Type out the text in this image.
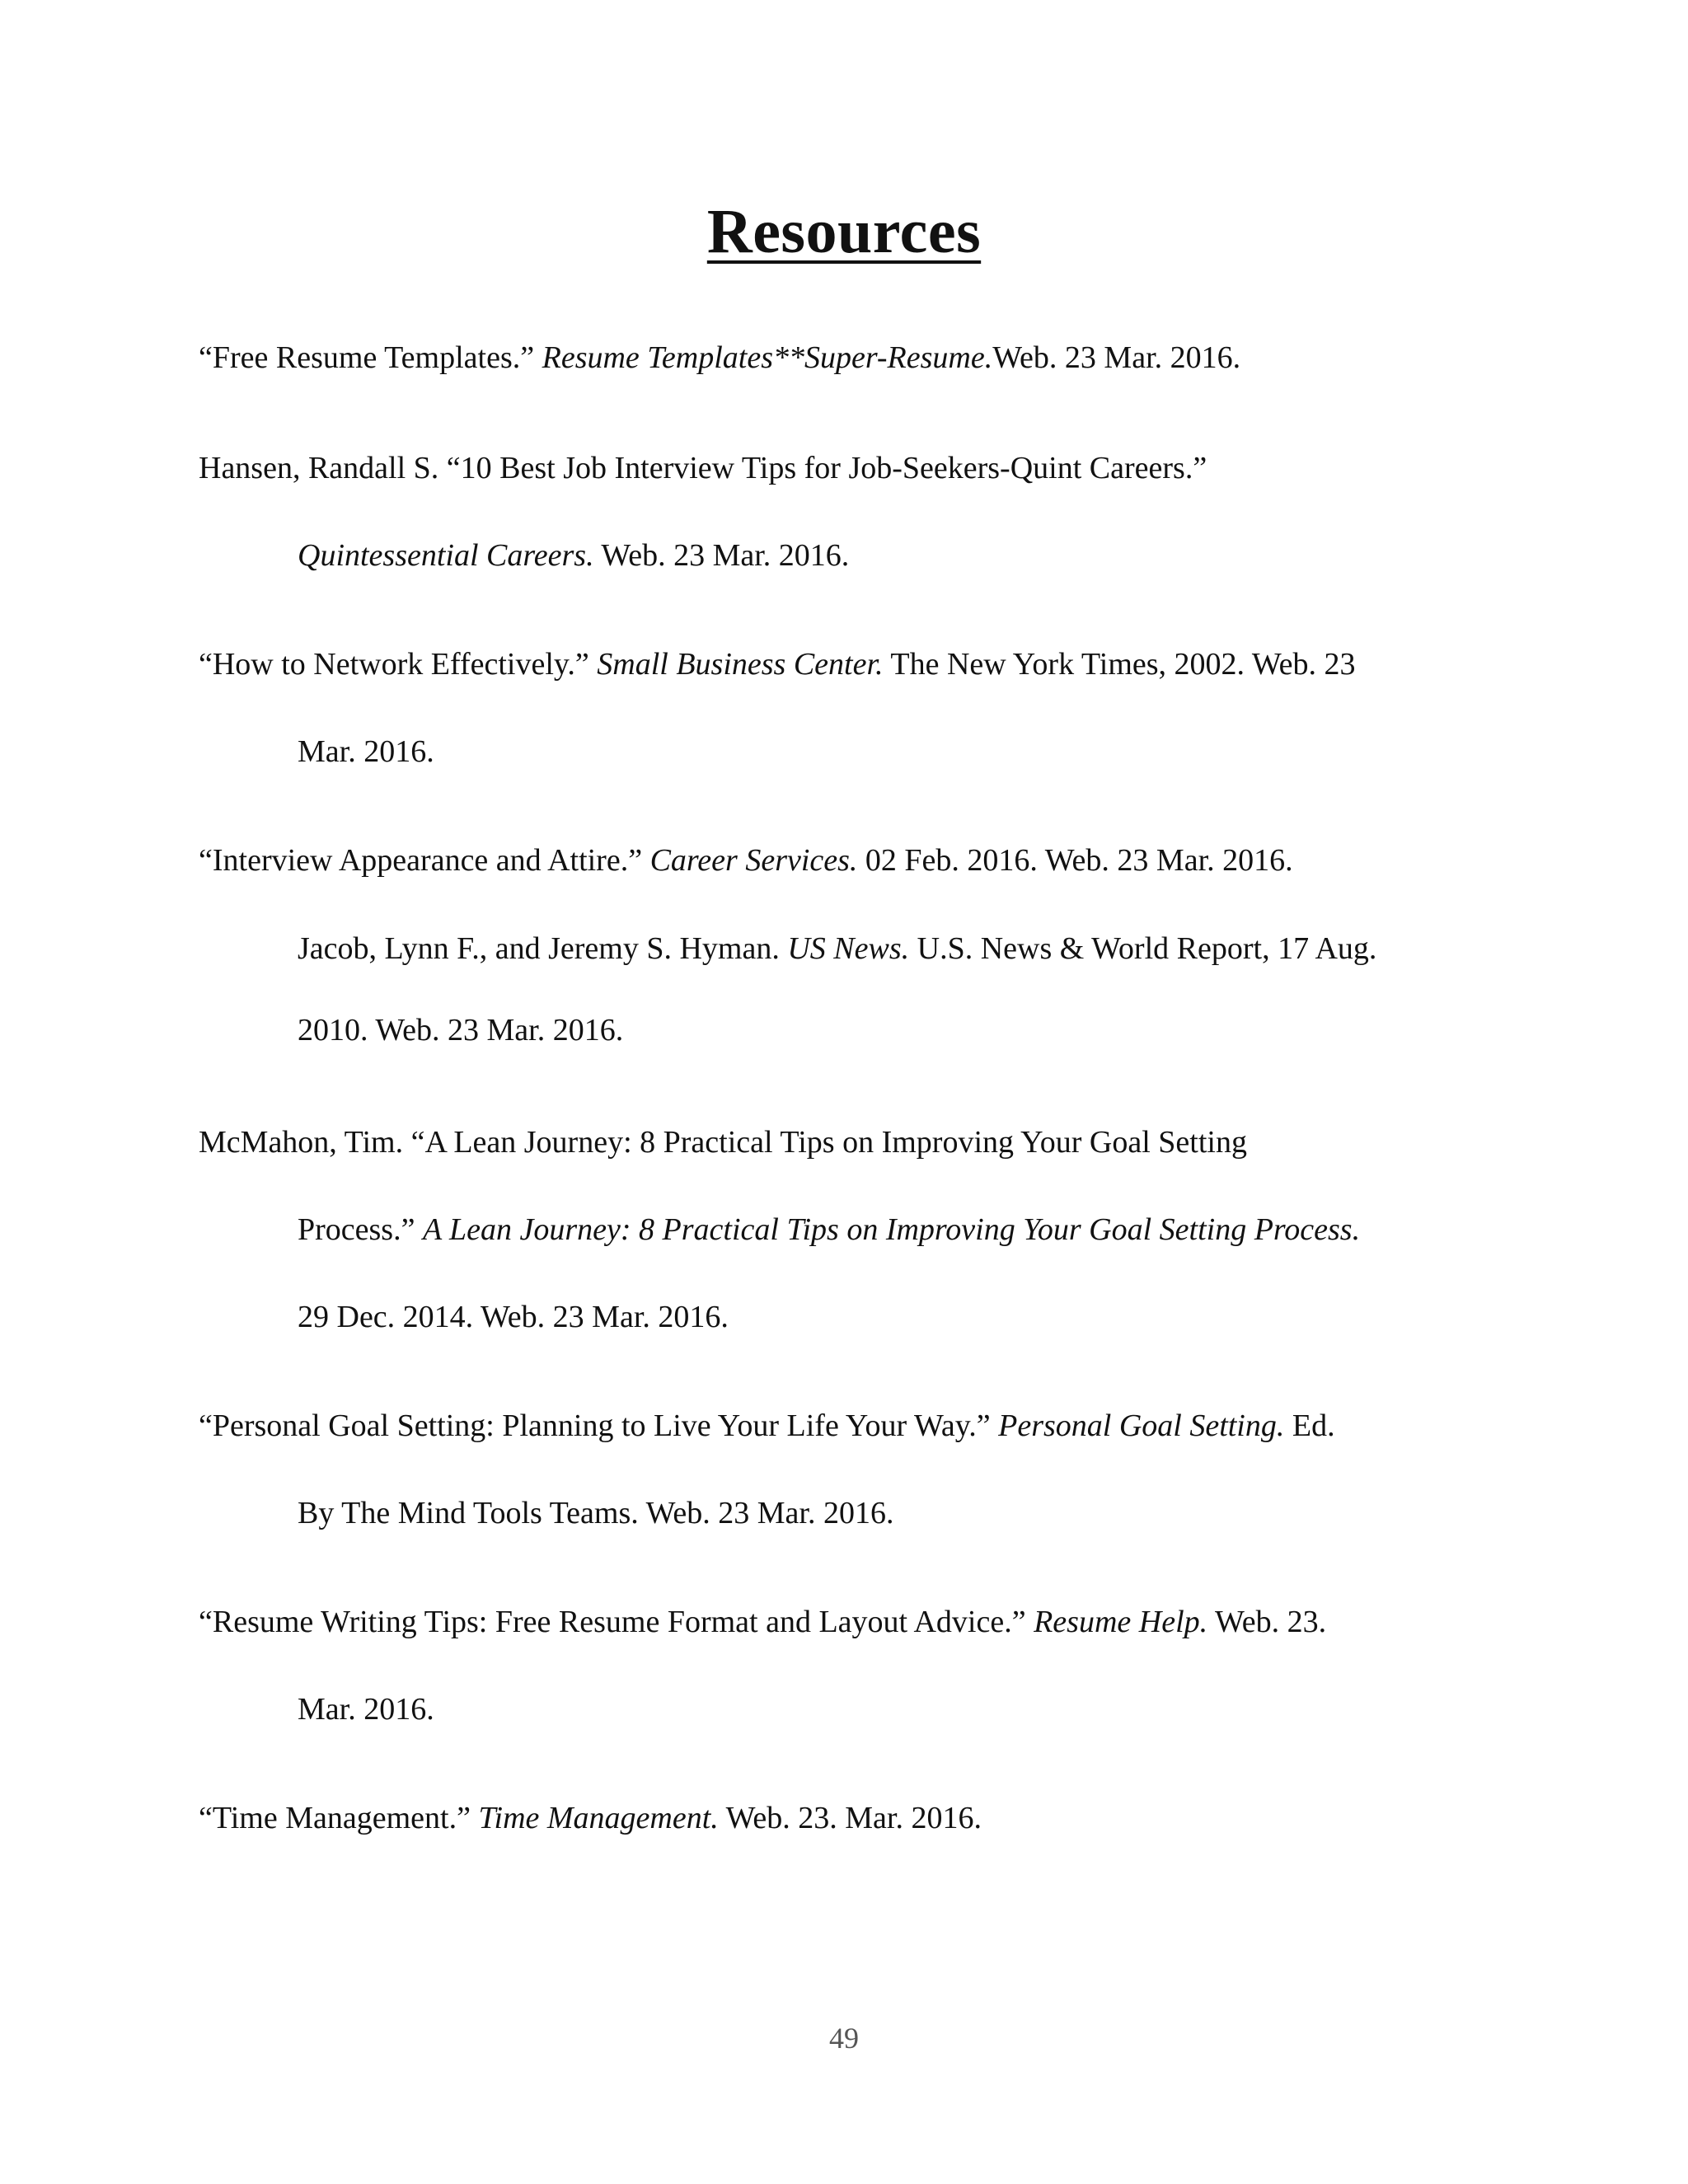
Resources
“Free Resume Templates.” Resume Templates**Super-Resume.Web. 23 Mar. 2016.
Hansen, Randall S. “10 Best Job Interview Tips for Job-Seekers-Quint Careers.”
Quintessential Careers. Web. 23 Mar. 2016.
“How to Network Effectively.” Small Business Center. The New York Times, 2002. Web. 23
Mar. 2016.
“Interview Appearance and Attire.” Career Services. 02 Feb. 2016. Web. 23 Mar. 2016.
Jacob, Lynn F., and Jeremy S. Hyman. US News. U.S. News & World Report, 17 Aug.
2010. Web. 23 Mar. 2016.
McMahon, Tim. “A Lean Journey: 8 Practical Tips on Improving Your Goal Setting
Process.” A Lean Journey: 8 Practical Tips on Improving Your Goal Setting Process.
29 Dec. 2014. Web. 23 Mar. 2016.
“Personal Goal Setting: Planning to Live Your Life Your Way.” Personal Goal Setting. Ed.
By The Mind Tools Teams. Web. 23 Mar. 2016.
“Resume Writing Tips: Free Resume Format and Layout Advice.” Resume Help. Web. 23.
Mar. 2016.
“Time Management.” Time Management. Web. 23. Mar. 2016.
49
